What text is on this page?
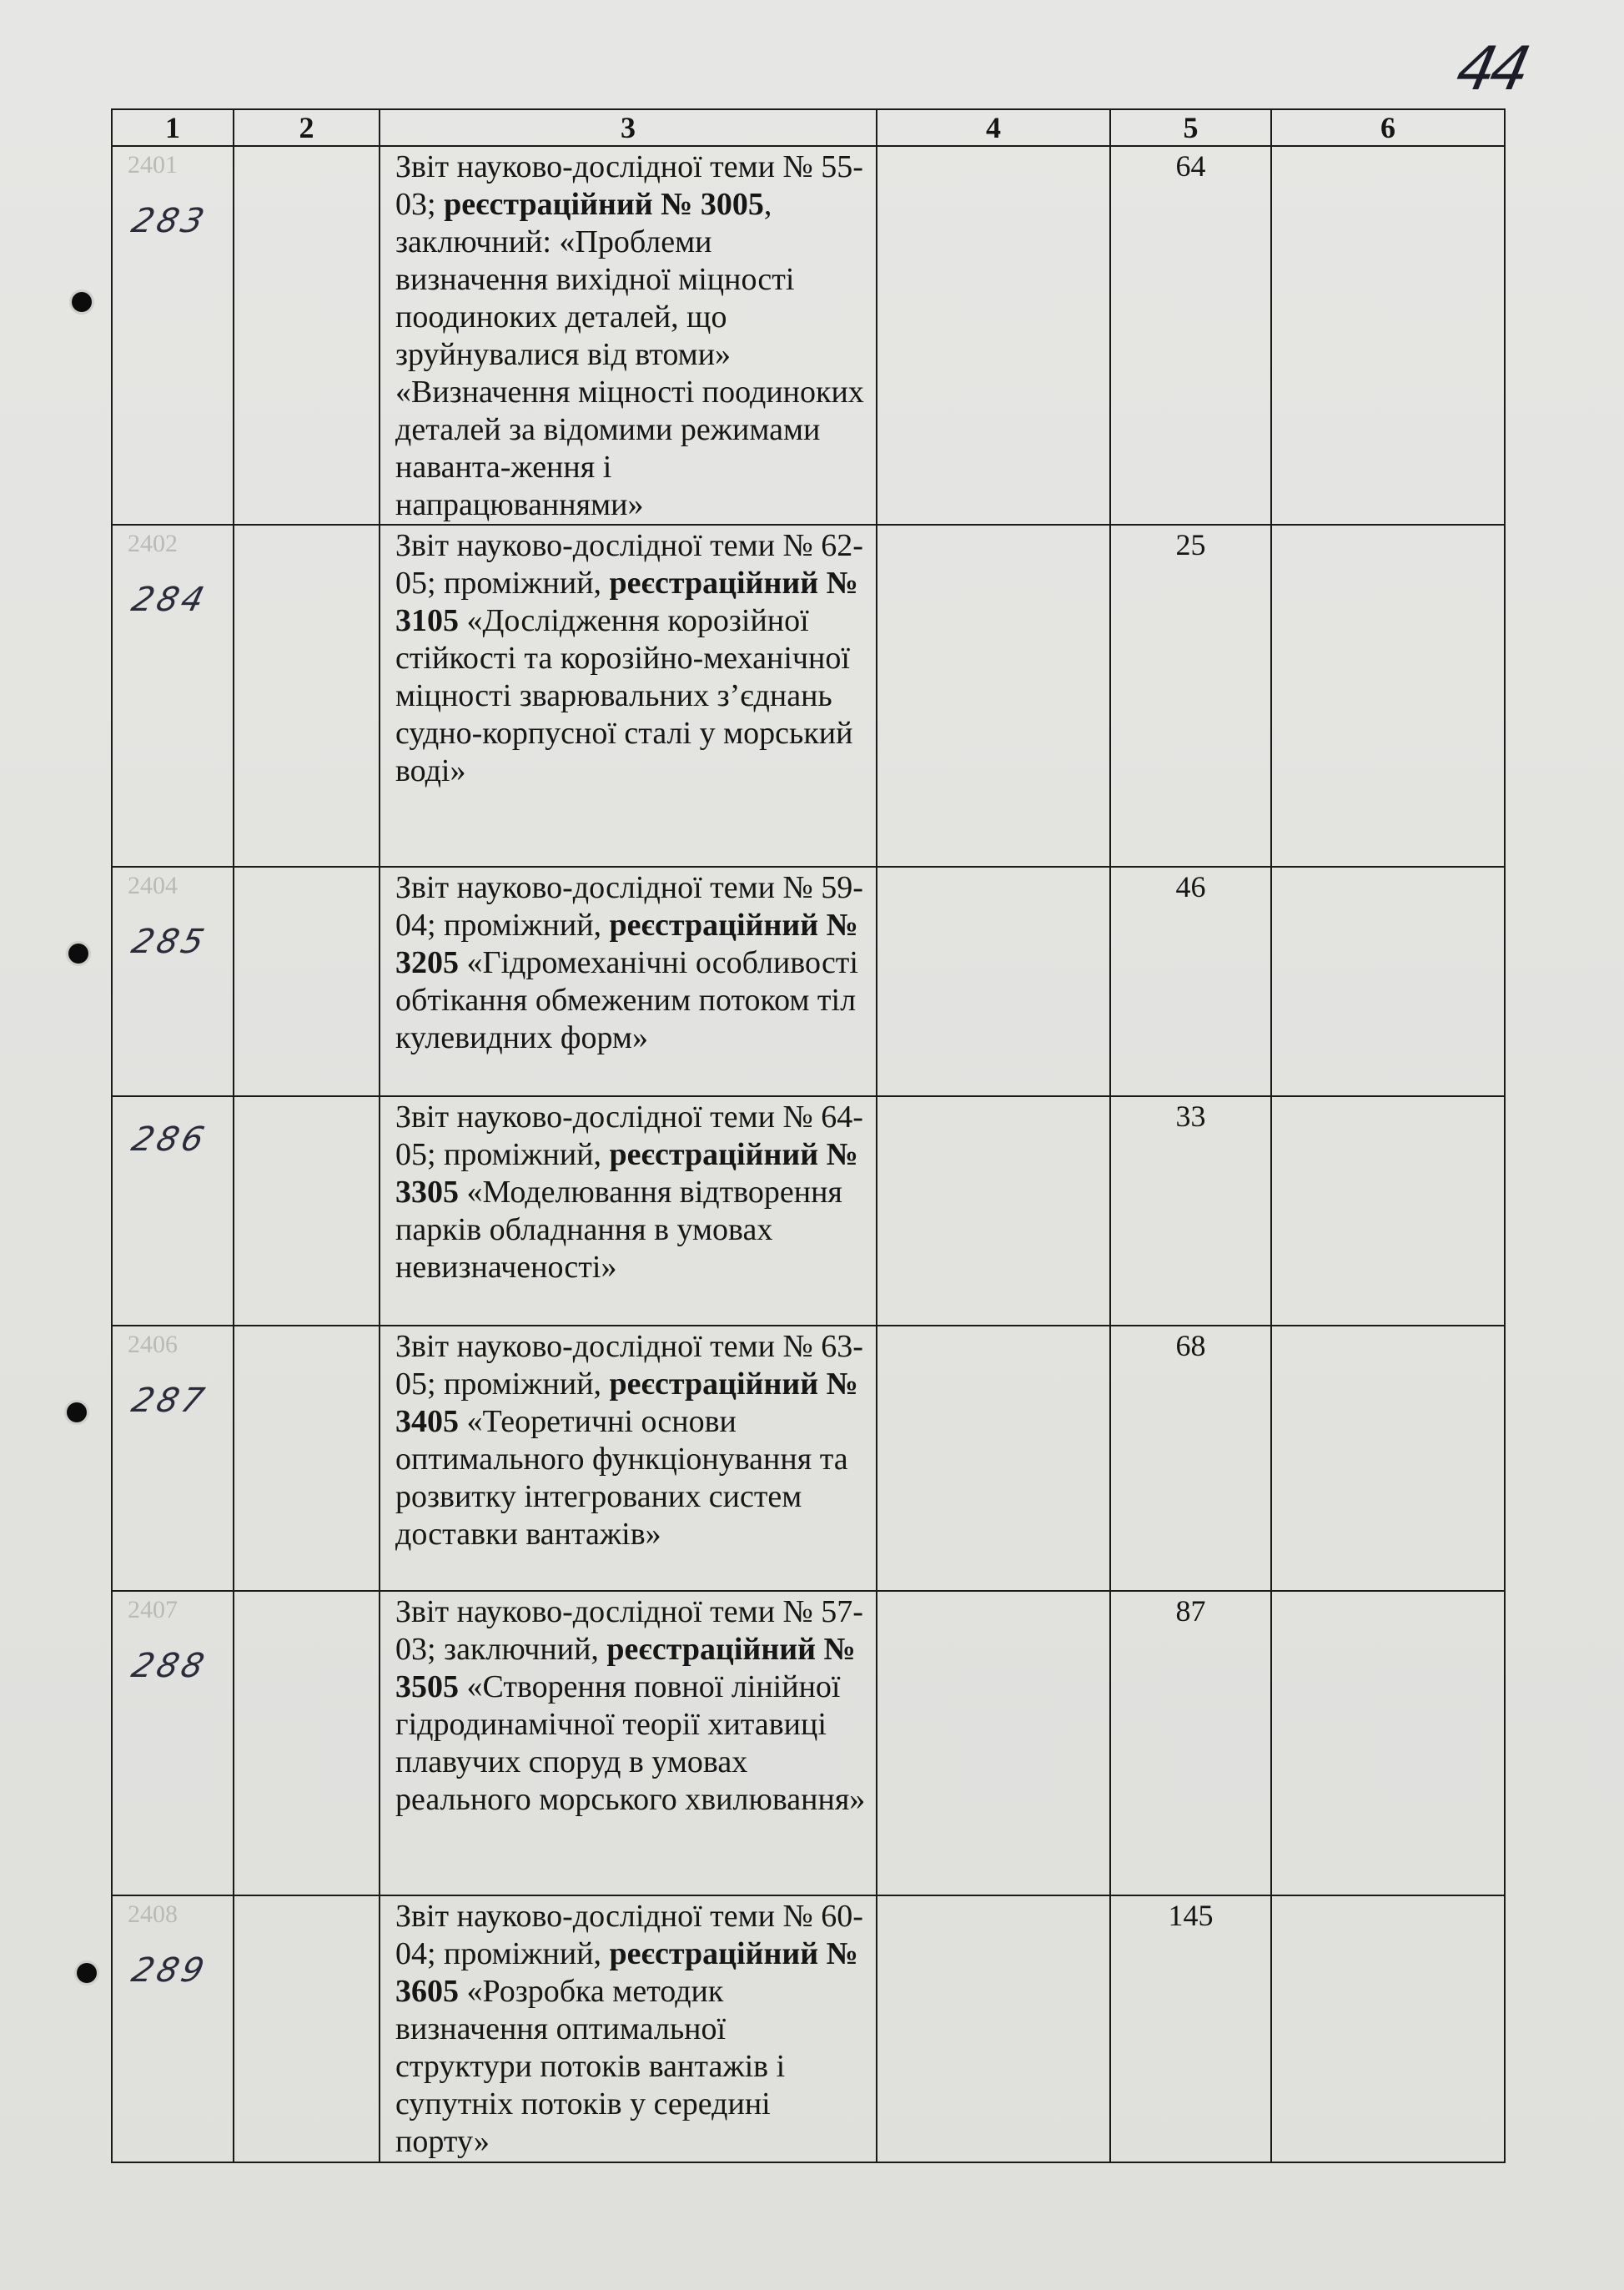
44
1	2	3	4	5	6

2401
283		Звіт науково-дослідної теми № 55-03; реєстраційний № 3005, заключний: «Проблеми визначення вихідної міцності поодиноких деталей, що зруйнувалися від втоми» «Визначення міцності поодиноких деталей за відомими режимами наванта-ження і напрацюваннями»		64	

2402
284		Звіт науково-дослідної теми № 62-05; проміжний, реєстраційний № 3105 «Дослідження корозійної стійкості та корозійно-механічної міцності зварювальних з’єднань судно-корпусної сталі у морський воді»		25	

2404
285		Звіт науково-дослідної теми № 59-04; проміжний, реєстраційний № 3205 «Гідромеханічні особливості обтікання обмеженим потоком тіл кулевидних форм»		46	

286		Звіт науково-дослідної теми № 64-05; проміжний, реєстраційний № 3305 «Моделювання відтворення парків обладнання в умовах невизначеності»		33	

2406
287		Звіт науково-дослідної теми № 63-05; проміжний, реєстраційний № 3405 «Теоретичні основи оптимального функціонування та розвитку інтегрованих систем доставки вантажів»		68	

2407
288		Звіт науково-дослідної теми № 57-03; заключний, реєстраційний № 3505 «Створення повної лінійної гідродинамічної теорії хитавиці плавучих споруд в умовах реального морського хвилювання»		87	

2408
289		Звіт науково-дослідної теми № 60-04; проміжний, реєстраційний № 3605 «Розробка методик визначення оптимальної структури потоків вантажів і супутніх потоків у середині порту»		145	
